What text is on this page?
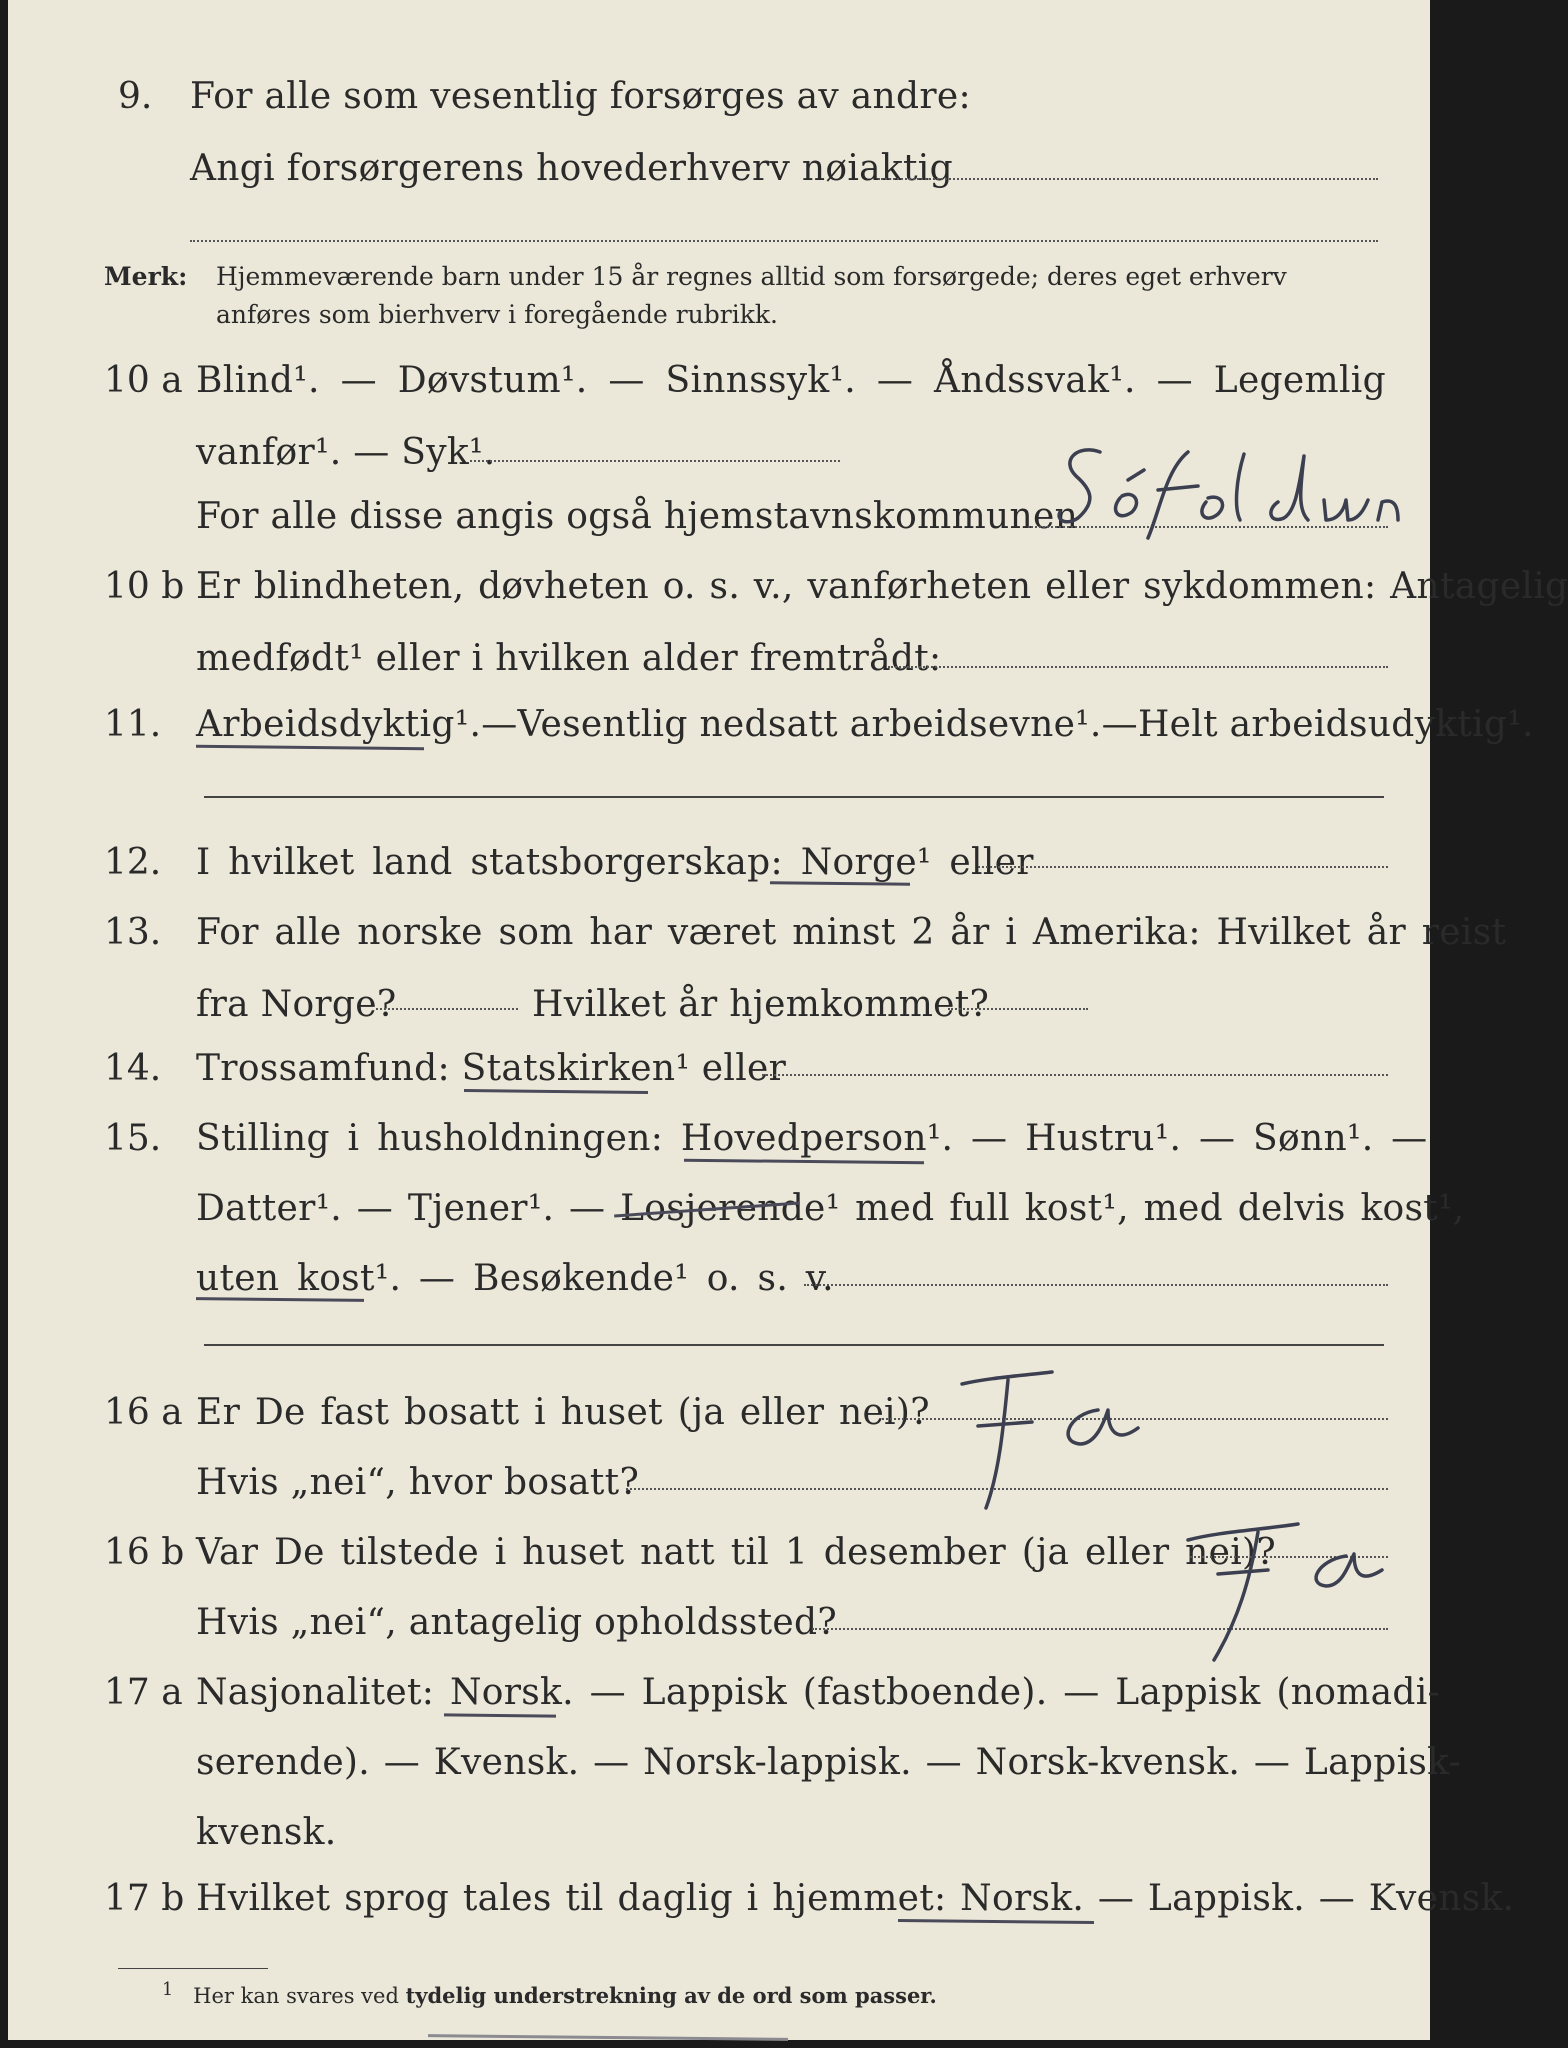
9. For alle som vesentlig forsørges av andre:
Angi forsørgerens hovederhverv nøiaktig
Merk: Hjemmeværende barn under 15 år regnes alltid som forsørgede; deres eget erhverv
anføres som bierhverv i foregående rubrikk.
10 a Blind¹. — Døvstum¹. — Sinnssyk¹. — Åndssvak¹. — Legemlig
vanfør¹. — Syk¹.
For alle disse angis også hjemstavnskommunen
10 b Er blindheten, døvheten o. s. v., vanførheten eller sykdommen: Antagelig
medfødt¹ eller i hvilken alder fremtrådt:
11. Arbeidsdyktig¹. — Vesentlig nedsatt arbeidsevne¹. — Helt arbeidsudyktig¹.
12. I hvilket land statsborgerskap: Norge¹ eller
13. For alle norske som har været minst 2 år i Amerika: Hvilket år reist
fra Norge?	Hvilket år hjemkommet?
14. Trossamfund: Statskirken¹ eller
15. Stilling i husholdningen: Hovedperson¹. — Hustru¹. — Sønn¹. —
Datter¹. — Tjener¹. — Losjerende¹ med full kost¹, med delvis kost¹,
uten kost¹. — Besøkende¹ o. s. v.
16 a Er De fast bosatt i huset (ja eller nei)?
Hvis „nei“, hvor bosatt?
16 b Var De tilstede i huset natt til 1 desember (ja eller nei)?
Hvis „nei“, antagelig opholdssted?
17 a Nasjonalitet: Norsk. — Lappisk (fastboende). — Lappisk (nomadi-
serende). — Kvensk. — Norsk-lappisk. — Norsk-kvensk. — Lappisk-
kvensk.
17 b Hvilket sprog tales til daglig i hjemmet: Norsk. — Lappisk. — Kvensk.
$^1$ Her kan svares ved tydelig understrekning av de ord som passer.
